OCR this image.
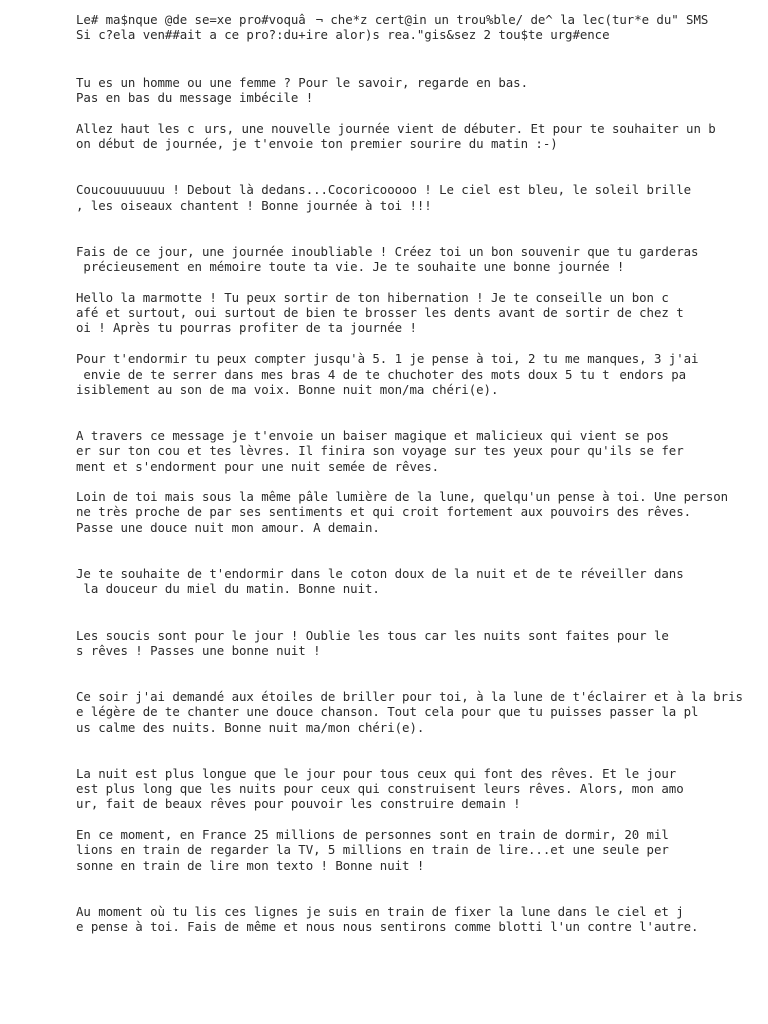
Le# ma$nque @de se=xe pro#voquâ¬ che*z cert@in un trou%ble/ de^ la lec(tur*e du" SMS
Si c?ela ven##ait a ce pro?:du+ire alor)s rea."gis&sez 2 tou$te urg#ence
Tu es un homme ou une femme ? Pour le savoir, regarde en bas.
Pas en bas du message imbécile !
Allez haut les curs, une nouvelle journée vient de débuter. Et pour te souhaiter un b
on début de journée, je t'envoie ton premier sourire du matin :-)
Coucouuuuuuu ! Debout là dedans...Cocoricooooo ! Le ciel est bleu, le soleil brille
, les oiseaux chantent ! Bonne journée à toi !!!
Fais de ce jour, une journée inoubliable ! Créez toi un bon souvenir que tu garderas
précieusement en mémoire toute ta vie. Je te souhaite une bonne journée !
Hello la marmotte ! Tu peux sortir de ton hibernation ! Je te conseille un bon c
afé et surtout, oui surtout de bien te brosser les dents avant de sortir de chez t
oi ! Après tu pourras profiter de ta journée !
Pour t'endormir tu peux compter jusqu'à 5. 1 je pense à toi, 2 tu me manques, 3 j'ai
envie de te serrer dans mes bras 4 de te chuchoter des mots doux 5 tu tendors pa
isiblement au son de ma voix. Bonne nuit mon/ma chéri(e).
A travers ce message je t'envoie un baiser magique et malicieux qui vient se pos
er sur ton cou et tes lèvres. Il finira son voyage sur tes yeux pour qu'ils se fer
ment et s'endorment pour une nuit semée de rêves.
Loin de toi mais sous la même pâle lumière de la lune, quelqu'un pense à toi. Une person
ne très proche de par ses sentiments et qui croit fortement aux pouvoirs des rêves.
Passe une douce nuit mon amour. A demain.
Je te souhaite de t'endormir dans le coton doux de la nuit et de te réveiller dans
la douceur du miel du matin. Bonne nuit.
Les soucis sont pour le jour ! Oublie les tous car les nuits sont faites pour le
s rêves ! Passes une bonne nuit !
Ce soir j'ai demandé aux étoiles de briller pour toi, à la lune de t'éclairer et à la bris
e légère de te chanter une douce chanson. Tout cela pour que tu puisses passer la pl
us calme des nuits. Bonne nuit ma/mon chéri(e).
La nuit est plus longue que le jour pour tous ceux qui font des rêves. Et le jour
est plus long que les nuits pour ceux qui construisent leurs rêves. Alors, mon amo
ur, fait de beaux rêves pour pouvoir les construire demain !
En ce moment, en France 25 millions de personnes sont en train de dormir, 20 mil
lions en train de regarder la TV, 5 millions en train de lire...et une seule per
sonne en train de lire mon texto ! Bonne nuit !
Au moment où tu lis ces lignes je suis en train de fixer la lune dans le ciel et j
e pense à toi. Fais de même et nous nous sentirons comme blotti l'un contre l'autre.
